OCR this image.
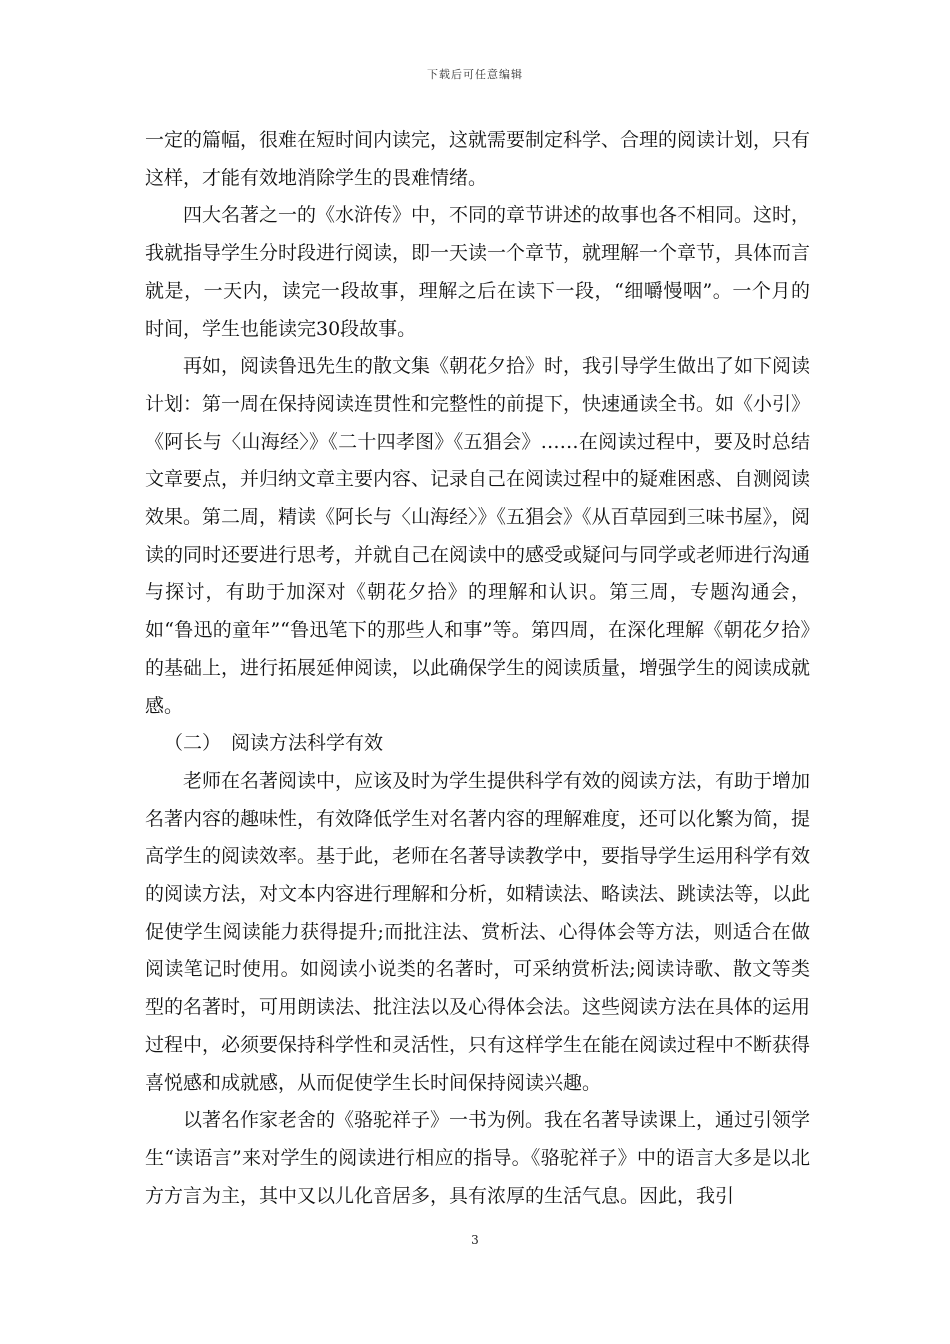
下载后可任意编辑

一定的篇幅，很难在短时间内读完，这就需要制定科学、合理的阅读计划，只有这样，才能有效地消除学生的畏难情绪。

四大名著之一的《水浒传》中，不同的章节讲述的故事也各不相同。这时，我就指导学生分时段进行阅读，即一天读一个章节，就理解一个章节，具体而言就是，一天内，读完一段故事，理解之后在读下一段，“细嚼慢咽”。一个月的时间，学生也能读完30段故事。

再如，阅读鲁迅先生的散文集《朝花夕拾》时，我引导学生做出了如下阅读计划：第一周在保持阅读连贯性和完整性的前提下，快速通读全书。如《小引》《阿长与〈山海经〉》《二十四孝图》《五猖会》……在阅读过程中，要及时总结文章要点，并归纳文章主要内容、记录自己在阅读过程中的疑难困惑、自测阅读效果。第二周，精读《阿长与〈山海经〉》《五猖会》《从百草园到三味书屋》，阅读的同时还要进行思考，并就自己在阅读中的感受或疑问与同学或老师进行沟通与探讨，有助于加深对《朝花夕拾》的理解和认识。第三周，专题沟通会，如“鲁迅的童年”“鲁迅笔下的那些人和事”等。第四周，在深化理解《朝花夕拾》的基础上，进行拓展延伸阅读，以此确保学生的阅读质量，增强学生的阅读成就感。

（二） 阅读方法科学有效

老师在名著阅读中，应该及时为学生提供科学有效的阅读方法，有助于增加名著内容的趣味性，有效降低学生对名著内容的理解难度，还可以化繁为简，提高学生的阅读效率。基于此，老师在名著导读教学中，要指导学生运用科学有效的阅读方法，对文本内容进行理解和分析，如精读法、略读法、跳读法等，以此促使学生阅读能力获得提升;而批注法、赏析法、心得体会等方法，则适合在做阅读笔记时使用。如阅读小说类的名著时，可采纳赏析法;阅读诗歌、散文等类型的名著时，可用朗读法、批注法以及心得体会法。这些阅读方法在具体的运用过程中，必须要保持科学性和灵活性，只有这样学生在能在阅读过程中不断获得喜悦感和成就感，从而促使学生长时间保持阅读兴趣。

以著名作家老舍的《骆驼祥子》一书为例。我在名著导读课上，通过引领学生“读语言”来对学生的阅读进行相应的指导。《骆驼祥子》中的语言大多是以北方方言为主，其中又以儿化音居多，具有浓厚的生活气息。因此，我引

3
